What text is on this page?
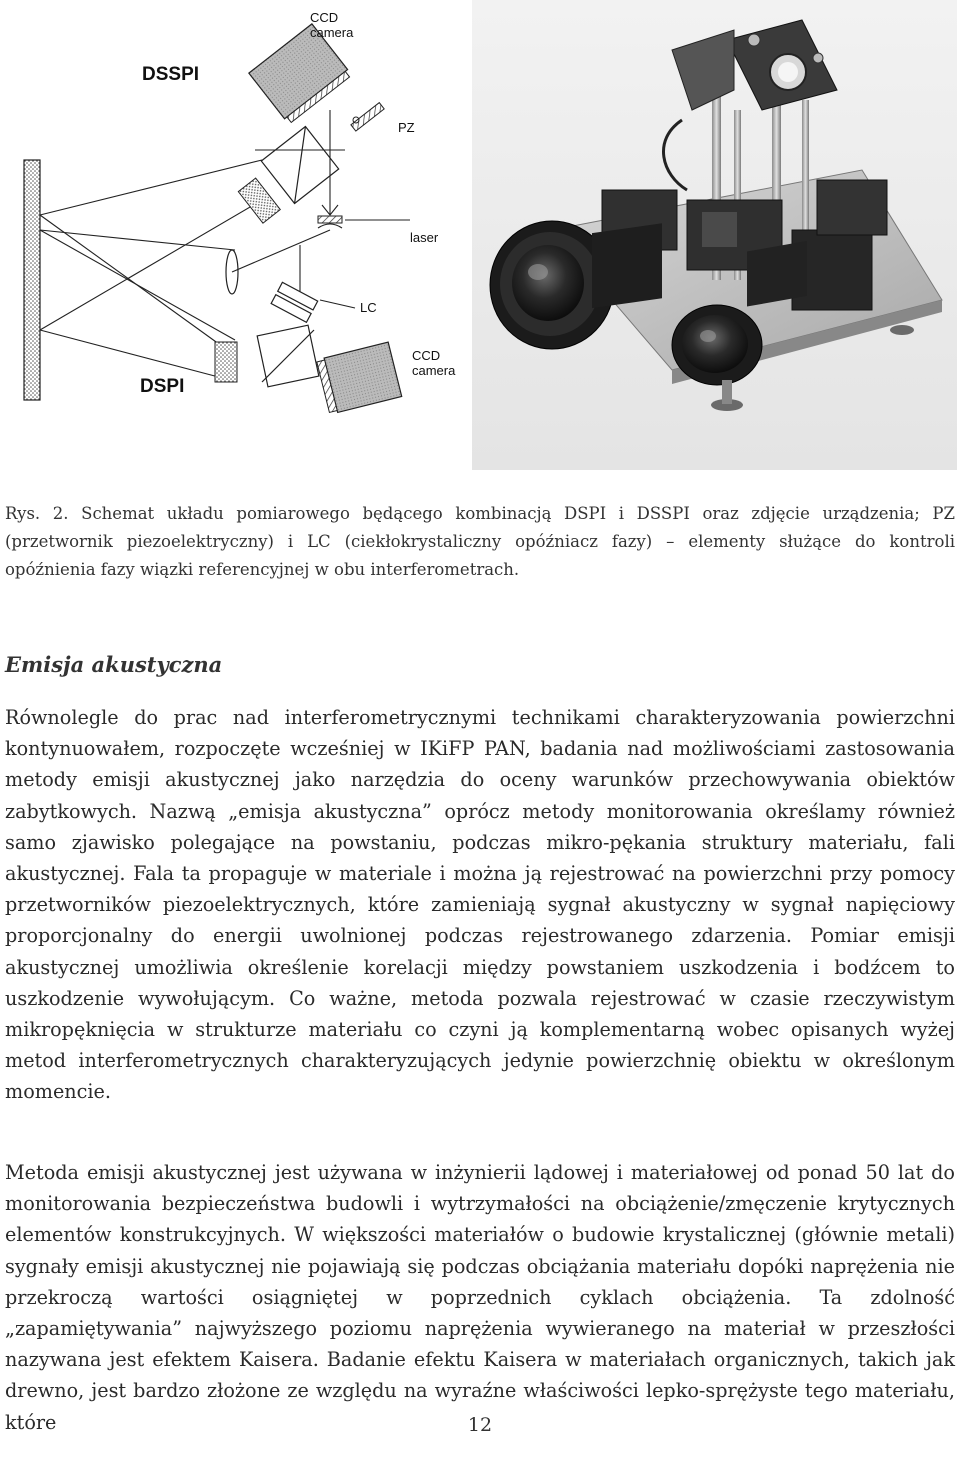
CCD
camera
DSSPI
PZ
laser
LC
CCD
camera
DSPI
Rys. 2. Schemat układu pomiarowego będącego kombinacją DSPI i DSSPI oraz zdjęcie urządzenia; PZ (przetwornik piezoelektryczny) i LC (ciekłokrystaliczny opóźniacz fazy) – elementy służące do kontroli opóźnienia fazy wiązki referencyjnej w obu interferometrach.
Emisja akustyczna

Równolegle do prac nad interferometrycznymi technikami charakteryzowania powierzchni kontynuowałem, rozpoczęte wcześniej w IKiFP PAN, badania nad możliwościami zastosowania metody emisji akustycznej jako narzędzia do oceny warunków przechowywania obiektów zabytkowych. Nazwą „emisja akustyczna” oprócz metody monitorowania określamy również samo zjawisko polegające na powstaniu, podczas mikro-pękania struktury materiału, fali akustycznej. Fala ta propaguje w materiale i można ją rejestrować na powierzchni przy pomocy przetworników piezoelektrycznych, które zamieniają sygnał akustyczny w sygnał napięciowy proporcjonalny do energii uwolnionej podczas rejestrowanego zdarzenia. Pomiar emisji akustycznej umożliwia określenie korelacji między powstaniem uszkodzenia i bodźcem to uszkodzenie wywołującym. Co ważne, metoda pozwala rejestrować w czasie rzeczywistym mikropęknięcia w strukturze materiału co czyni ją komplementarną wobec opisanych wyżej metod interferometrycznych charakteryzujących jedynie powierzchnię obiektu w określonym momencie.

Metoda emisji akustycznej jest używana w inżynierii lądowej i materiałowej od ponad 50 lat do monitorowania bezpieczeństwa budowli i wytrzymałości na obciążenie/zmęczenie krytycznych elementów konstrukcyjnych. W większości materiałów o budowie krystalicznej (głównie metali) sygnały emisji akustycznej nie pojawiają się podczas obciążania materiału dopóki naprężenia nie przekroczą wartości osiągniętej w poprzednich cyklach obciążenia. Ta zdolność „zapamiętywania” najwyższego poziomu naprężenia wywieranego na materiał w przeszłości nazywana jest efektem Kaisera. Badanie efektu Kaisera w materiałach organicznych, takich jak drewno, jest bardzo złożone ze względu na wyraźne właściwości lepko-sprężyste tego materiału, które	12
